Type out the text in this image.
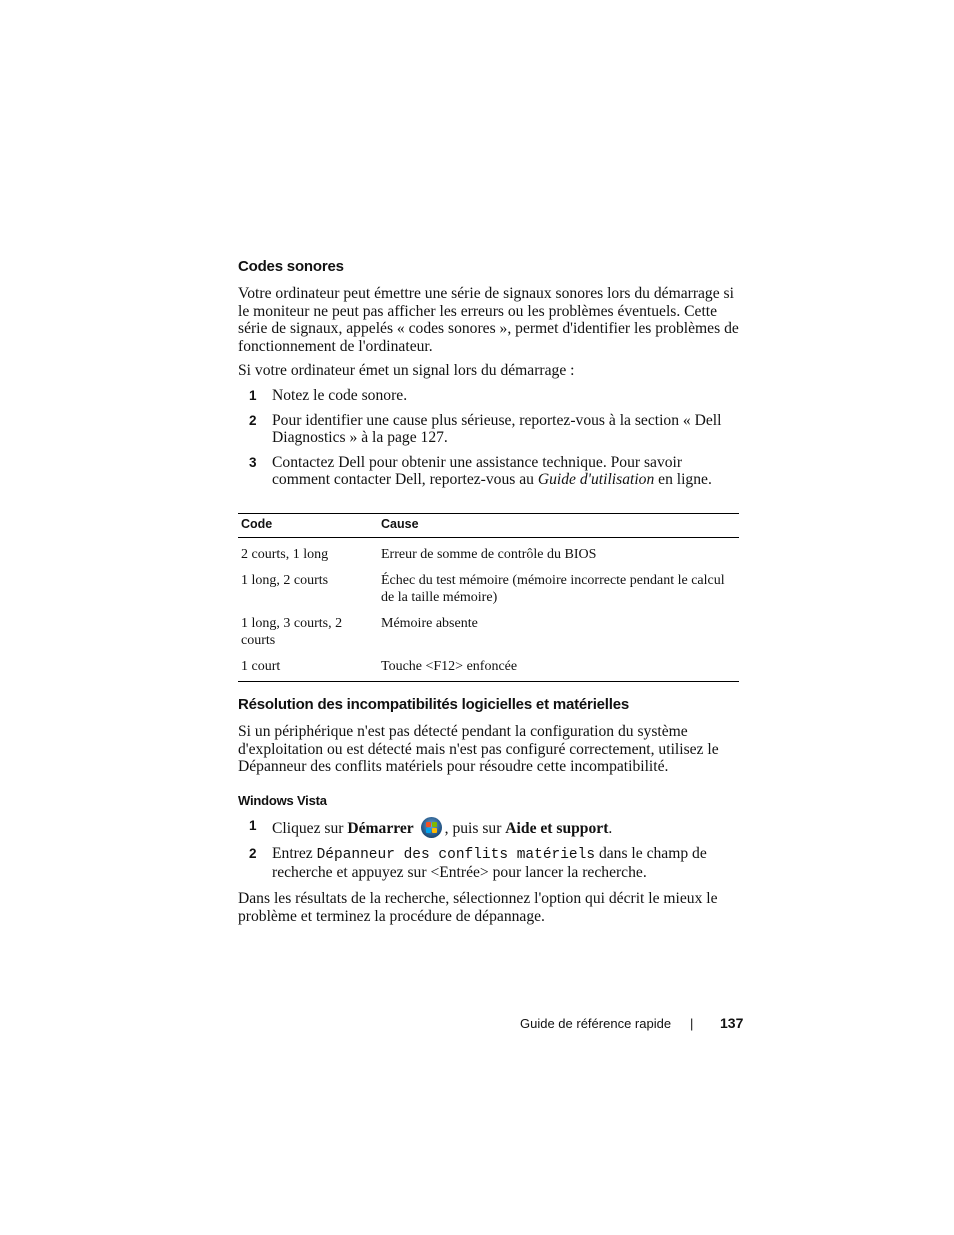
Codes sonores

Votre ordinateur peut émettre une série de signaux sonores lors du démarrage si le moniteur ne peut pas afficher les erreurs ou les problèmes éventuels. Cette série de signaux, appelés « codes sonores », permet d'identifier les problèmes de fonctionnement de l'ordinateur.

Si votre ordinateur émet un signal lors du démarrage :

1 Notez le code sonore.
2 Pour identifier une cause plus sérieuse, reportez-vous à la section « Dell Diagnostics » à la page 127.
3 Contactez Dell pour obtenir une assistance technique. Pour savoir comment contacter Dell, reportez-vous au Guide d'utilisation en ligne.
Code	Cause
2 courts, 1 long	Erreur de somme de contrôle du BIOS
1 long, 2 courts	Échec du test mémoire (mémoire incorrecte pendant le calcul de la taille mémoire)
1 long, 3 courts, 2 courts	Mémoire absente
1 court	Touche <F12> enfoncée
Résolution des incompatibilités logicielles et matérielles

Si un périphérique n'est pas détecté pendant la configuration du système d'exploitation ou est détecté mais n'est pas configuré correctement, utilisez le Dépanneur des conflits matériels pour résoudre cette incompatibilité.

Windows Vista
1 Cliquez sur Démarrer , puis sur Aide et support.
2 Entrez Dépanneur des conflits matériels dans le champ de recherche et appuyez sur <Entrée> pour lancer la recherche.

Dans les résultats de la recherche, sélectionnez l'option qui décrit le mieux le problème et terminez la procédure de dépannage.

Guide de référence rapide | 137
